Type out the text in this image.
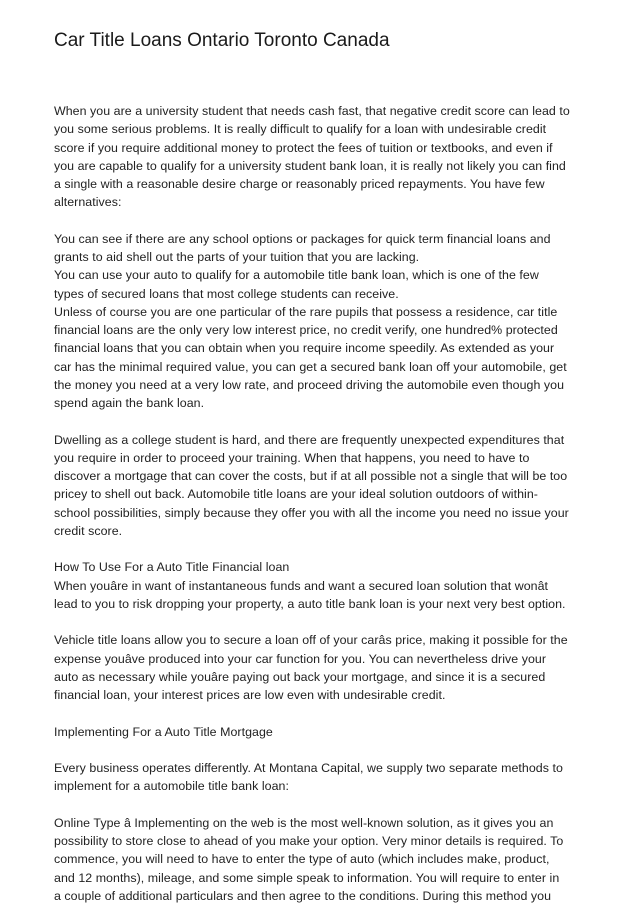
Car Title Loans Ontario Toronto Canada

When you are a university student that needs cash fast, that negative credit score can lead to
you some serious problems. It is really difficult to qualify for a loan with undesirable credit
score if you require additional money to protect the fees of tuition or textbooks, and even if
you are capable to qualify for a university student bank loan, it is really not likely you can find
a single with a reasonable desire charge or reasonably priced repayments. You have few
alternatives:

You can see if there are any school options or packages for quick term financial loans and
grants to aid shell out the parts of your tuition that you are lacking.
You can use your auto to qualify for a automobile title bank loan, which is one of the few
types of secured loans that most college students can receive.
Unless of course you are one particular of the rare pupils that possess a residence, car title
financial loans are the only very low interest price, no credit verify, one hundred% protected
financial loans that you can obtain when you require income speedily. As extended as your
car has the minimal required value, you can get a secured bank loan off your automobile, get
the money you need at a very low rate, and proceed driving the automobile even though you
spend again the bank loan.

Dwelling as a college student is hard, and there are frequently unexpected expenditures that
you require in order to proceed your training. When that happens, you need to have to
discover a mortgage that can cover the costs, but if at all possible not a single that will be too
pricey to shell out back. Automobile title loans are your ideal solution outdoors of within-
school possibilities, simply because they offer you with all the income you need no issue your
credit score.

How To Use For a Auto Title Financial loan
When youâre in want of instantaneous funds and want a secured loan solution that wonât
lead to you to risk dropping your property, a auto title bank loan is your next very best option.

Vehicle title loans allow you to secure a loan off of your carâs price, making it possible for the
expense youâve produced into your car function for you. You can nevertheless drive your
auto as necessary while youâre paying out back your mortgage, and since it is a secured
financial loan, your interest prices are low even with undesirable credit.

Implementing For a Auto Title Mortgage

Every business operates differently. At Montana Capital, we supply two separate methods to
implement for a automobile title bank loan:

Online Type â Implementing on the web is the most well-known solution, as it gives you an
possibility to store close to ahead of you make your option. Very minor details is required. To
commence, you will need to have to enter the type of auto (which includes make, product,
and 12 months), mileage, and some simple speak to information. You will require to enter in
a couple of additional particulars and then agree to the conditions. During this method you
